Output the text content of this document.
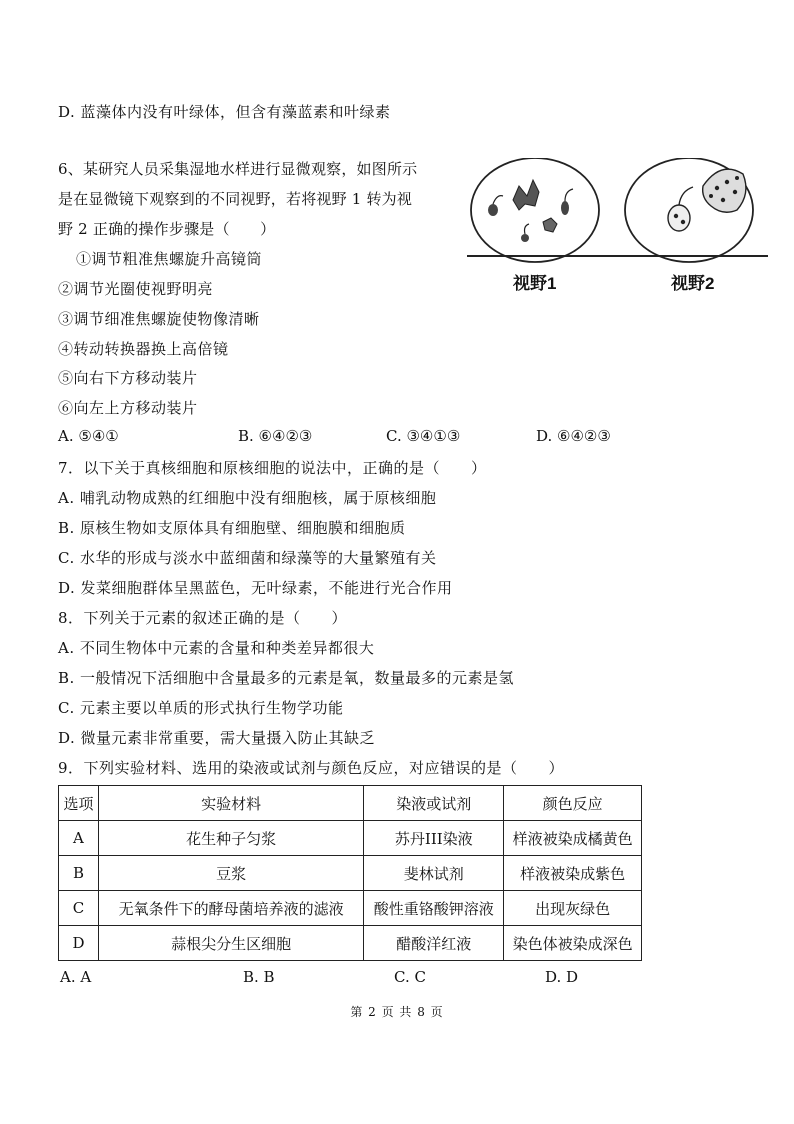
D. 蓝藻体内没有叶绿体，但含有藻蓝素和叶绿素
6、某研究人员采集湿地水样进行显微观察，如图所示
是在显微镜下观察到的不同视野，若将视野 1 转为视
野 2 正确的操作步骤是（　　）
①调节粗准焦螺旋升高镜筒
②调节光圈使视野明亮
③调节细准焦螺旋使物像清晰
④转动转换器换上高倍镜
⑤向右下方移动装片
⑥向左上方移动装片
A. ⑤④①	B. ⑥④②③	C. ③④①③	D. ⑥④②③
视野1	视野2
7．以下关于真核细胞和原核细胞的说法中，正确的是（　　）
A. 哺乳动物成熟的红细胞中没有细胞核，属于原核细胞
B. 原核生物如支原体具有细胞壁、细胞膜和细胞质
C. 水华的形成与淡水中蓝细菌和绿藻等的大量繁殖有关
D. 发菜细胞群体呈黑蓝色，无叶绿素，不能进行光合作用
8．下列关于元素的叙述正确的是（　　）
A. 不同生物体中元素的含量和种类差异都很大
B. 一般情况下活细胞中含量最多的元素是氧，数量最多的元素是氢
C. 元素主要以单质的形式执行生物学功能
D. 微量元素非常重要，需大量摄入防止其缺乏
9．下列实验材料、选用的染液或试剂与颜色反应，对应错误的是（　　）
选项	实验材料	染液或试剂	颜色反应
A	花生种子匀浆	苏丹III染液	样液被染成橘黄色
B	豆浆	斐林试剂	样液被染成紫色
C	无氧条件下的酵母菌培养液的滤液	酸性重铬酸钾溶液	出现灰绿色
D	蒜根尖分生区细胞	醋酸洋红液	染色体被染成深色
A. A	B. B	C. C	D. D
第 2 页 共 8 页
